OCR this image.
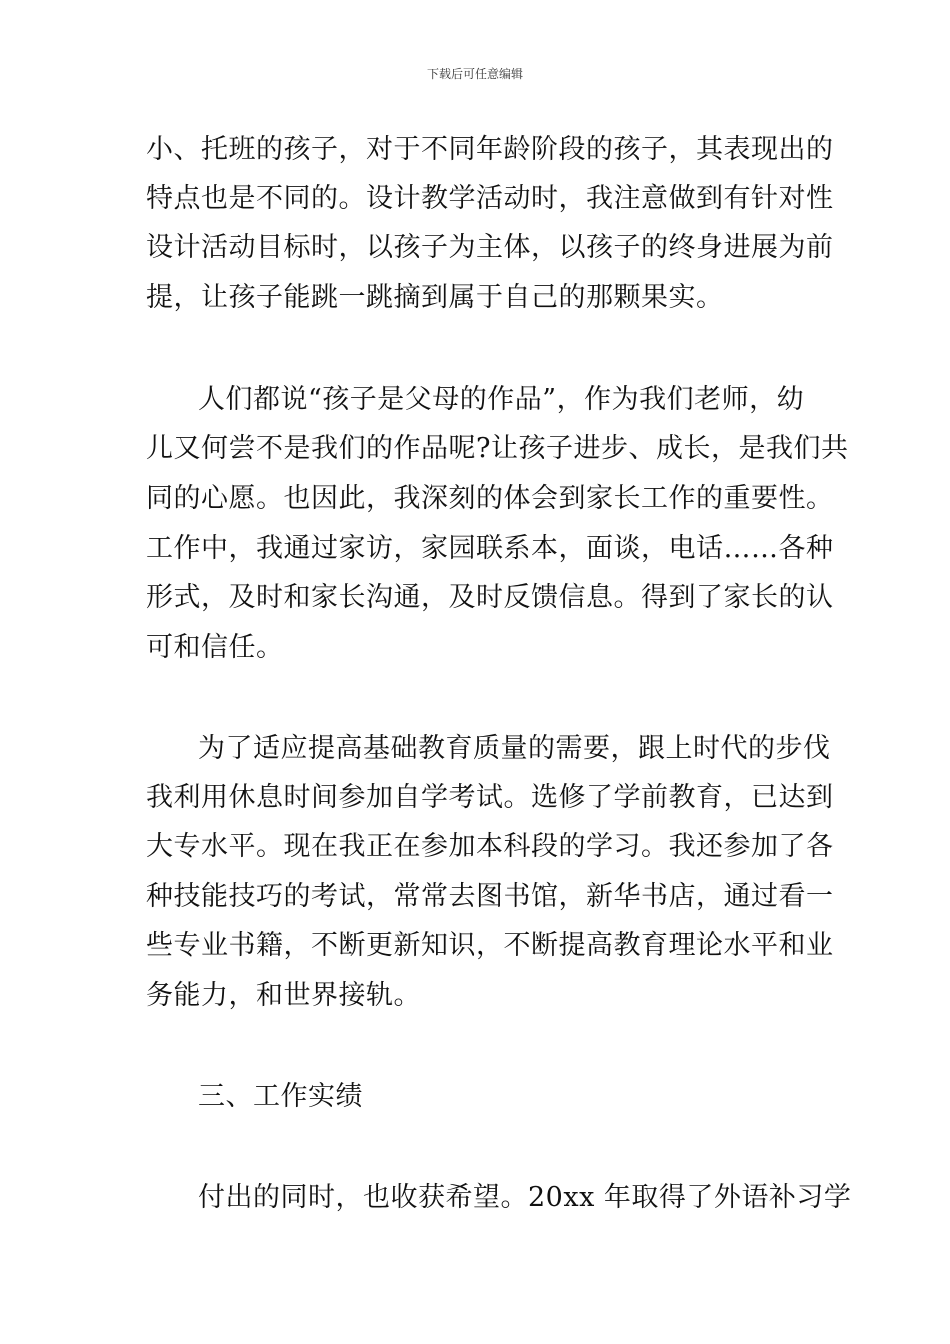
下载后可任意编辑
小、托班的孩子，对于不同年龄阶段的孩子，其表现出的
特点也是不同的。设计教学活动时，我注意做到有针对性
设计活动目标时，以孩子为主体，以孩子的终身进展为前
提，让孩子能跳一跳摘到属于自己的那颗果实。
人们都说“孩子是父母的作品”，作为我们老师，幼
儿又何尝不是我们的作品呢?让孩子进步、成长，是我们共
同的心愿。也因此，我深刻的体会到家长工作的重要性。
工作中，我通过家访，家园联系本，面谈，电话……各种
形式，及时和家长沟通，及时反馈信息。得到了家长的认
可和信任。
为了适应提高基础教育质量的需要，跟上时代的步伐
我利用休息时间参加自学考试。选修了学前教育，已达到
大专水平。现在我正在参加本科段的学习。我还参加了各
种技能技巧的考试，常常去图书馆，新华书店，通过看一
些专业书籍，不断更新知识，不断提高教育理论水平和业
务能力，和世界接轨。
三、工作实绩
付出的同时，也收获希望。20xx 年取得了外语补习学
